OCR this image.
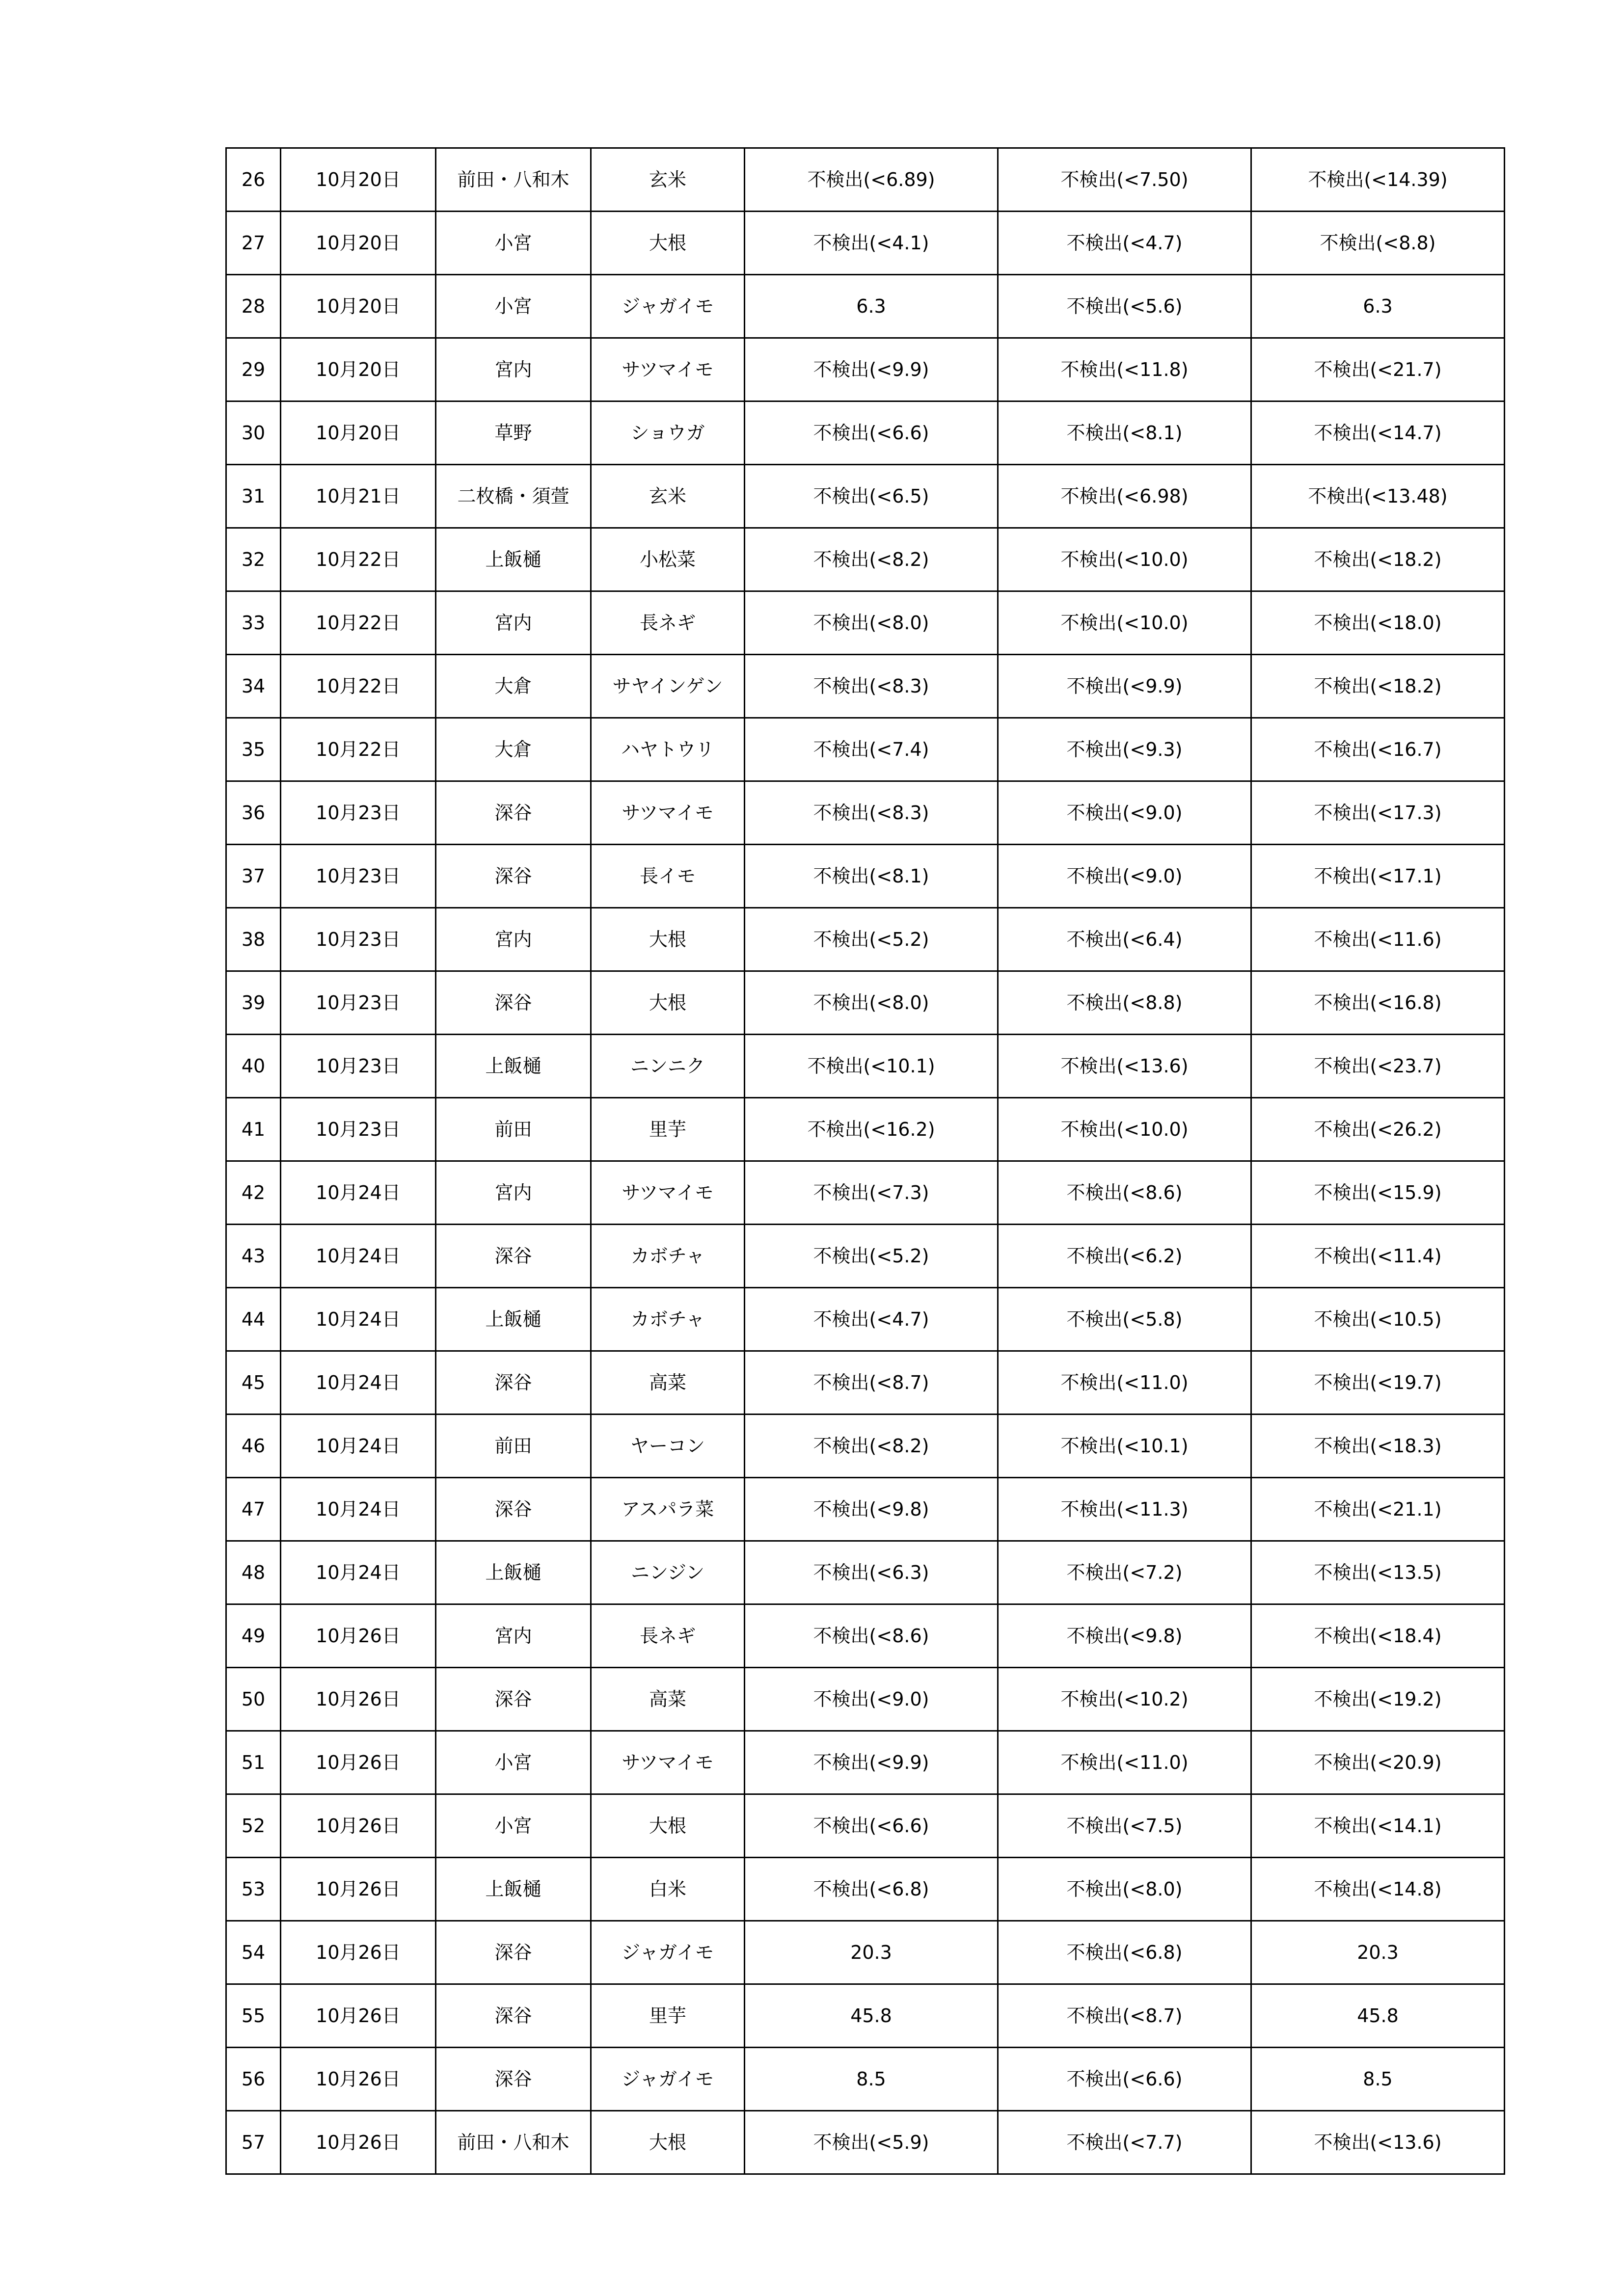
26	10月20日	前田・八和木	玄米	不検出(<6.89)	不検出(<7.50)	不検出(<14.39)
27	10月20日	小宮	大根	不検出(<4.1)	不検出(<4.7)	不検出(<8.8)
28	10月20日	小宮	ジャガイモ	6.3	不検出(<5.6)	6.3
29	10月20日	宮内	サツマイモ	不検出(<9.9)	不検出(<11.8)	不検出(<21.7)
30	10月20日	草野	ショウガ	不検出(<6.6)	不検出(<8.1)	不検出(<14.7)
31	10月21日	二枚橋・須萱	玄米	不検出(<6.5)	不検出(<6.98)	不検出(<13.48)
32	10月22日	上飯樋	小松菜	不検出(<8.2)	不検出(<10.0)	不検出(<18.2)
33	10月22日	宮内	長ネギ	不検出(<8.0)	不検出(<10.0)	不検出(<18.0)
34	10月22日	大倉	サヤインゲン	不検出(<8.3)	不検出(<9.9)	不検出(<18.2)
35	10月22日	大倉	ハヤトウリ	不検出(<7.4)	不検出(<9.3)	不検出(<16.7)
36	10月23日	深谷	サツマイモ	不検出(<8.3)	不検出(<9.0)	不検出(<17.3)
37	10月23日	深谷	長イモ	不検出(<8.1)	不検出(<9.0)	不検出(<17.1)
38	10月23日	宮内	大根	不検出(<5.2)	不検出(<6.4)	不検出(<11.6)
39	10月23日	深谷	大根	不検出(<8.0)	不検出(<8.8)	不検出(<16.8)
40	10月23日	上飯樋	ニンニク	不検出(<10.1)	不検出(<13.6)	不検出(<23.7)
41	10月23日	前田	里芋	不検出(<16.2)	不検出(<10.0)	不検出(<26.2)
42	10月24日	宮内	サツマイモ	不検出(<7.3)	不検出(<8.6)	不検出(<15.9)
43	10月24日	深谷	カボチャ	不検出(<5.2)	不検出(<6.2)	不検出(<11.4)
44	10月24日	上飯樋	カボチャ	不検出(<4.7)	不検出(<5.8)	不検出(<10.5)
45	10月24日	深谷	高菜	不検出(<8.7)	不検出(<11.0)	不検出(<19.7)
46	10月24日	前田	ヤーコン	不検出(<8.2)	不検出(<10.1)	不検出(<18.3)
47	10月24日	深谷	アスパラ菜	不検出(<9.8)	不検出(<11.3)	不検出(<21.1)
48	10月24日	上飯樋	ニンジン	不検出(<6.3)	不検出(<7.2)	不検出(<13.5)
49	10月26日	宮内	長ネギ	不検出(<8.6)	不検出(<9.8)	不検出(<18.4)
50	10月26日	深谷	高菜	不検出(<9.0)	不検出(<10.2)	不検出(<19.2)
51	10月26日	小宮	サツマイモ	不検出(<9.9)	不検出(<11.0)	不検出(<20.9)
52	10月26日	小宮	大根	不検出(<6.6)	不検出(<7.5)	不検出(<14.1)
53	10月26日	上飯樋	白米	不検出(<6.8)	不検出(<8.0)	不検出(<14.8)
54	10月26日	深谷	ジャガイモ	20.3	不検出(<6.8)	20.3
55	10月26日	深谷	里芋	45.8	不検出(<8.7)	45.8
56	10月26日	深谷	ジャガイモ	8.5	不検出(<6.6)	8.5
57	10月26日	前田・八和木	大根	不検出(<5.9)	不検出(<7.7)	不検出(<13.6)
